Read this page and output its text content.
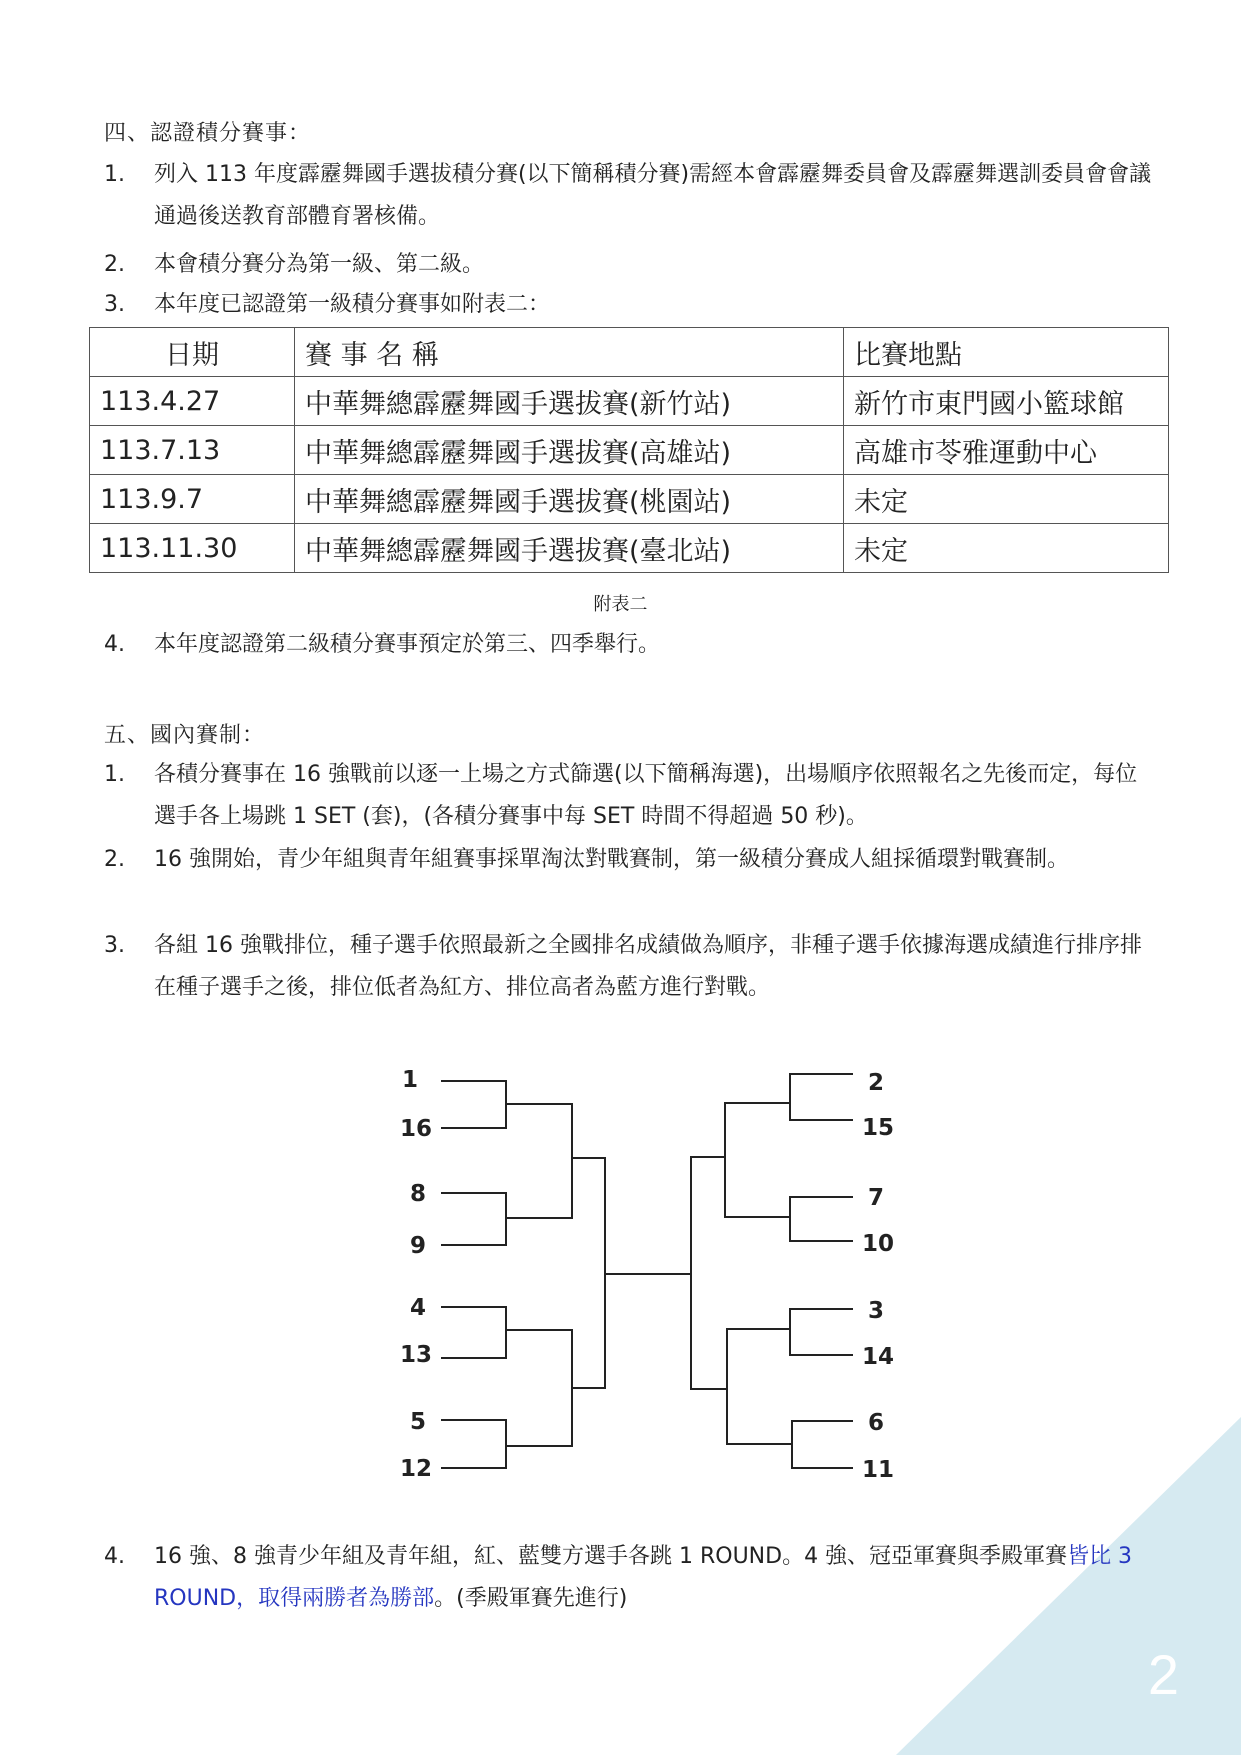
2
四、認證積分賽事：
1. 列入 113 年度霹靂舞國手選拔積分賽(以下簡稱積分賽)需經本會霹靂舞委員會及霹靂舞選訓委員會會議通過後送教育部體育署核備。
2. 本會積分賽分為第一級、第二級。
3. 本年度已認證第一級積分賽事如附表二：
日期	賽 事 名 稱	比賽地點
113.4.27	中華舞總霹靂舞國手選拔賽(新竹站)	新竹市東門國小籃球館
113.7.13	中華舞總霹靂舞國手選拔賽(高雄站)	高雄市苓雅運動中心
113.9.7	中華舞總霹靂舞國手選拔賽(桃園站)	未定
113.11.30	中華舞總霹靂舞國手選拔賽(臺北站)	未定
附表二
4. 本年度認證第二級積分賽事預定於第三、四季舉行。
五、國內賽制：
1. 各積分賽事在 16 強戰前以逐一上場之方式篩選(以下簡稱海選)，出場順序依照報名之先後而定，每位選手各上場跳 1 SET (套)，(各積分賽事中每 SET 時間不得超過 50 秒)。
2. 16 強開始，青少年組與青年組賽事採單淘汰對戰賽制，第一級積分賽成人組採循環對戰賽制。
3. 各組 16 強戰排位，種子選手依照最新之全國排名成績做為順序，非種子選手依據海選成績進行排序排在種子選手之後，排位低者為紅方、排位高者為藍方進行對戰。
1
16
8
9
4
13
5
12
2
15
7
10
3
14
6
11
4. 16 強、8 強青少年組及青年組，紅、藍雙方選手各跳 1 ROUND。4 強、冠亞軍賽與季殿軍賽皆比 3 ROUND，取得兩勝者為勝部。(季殿軍賽先進行)
